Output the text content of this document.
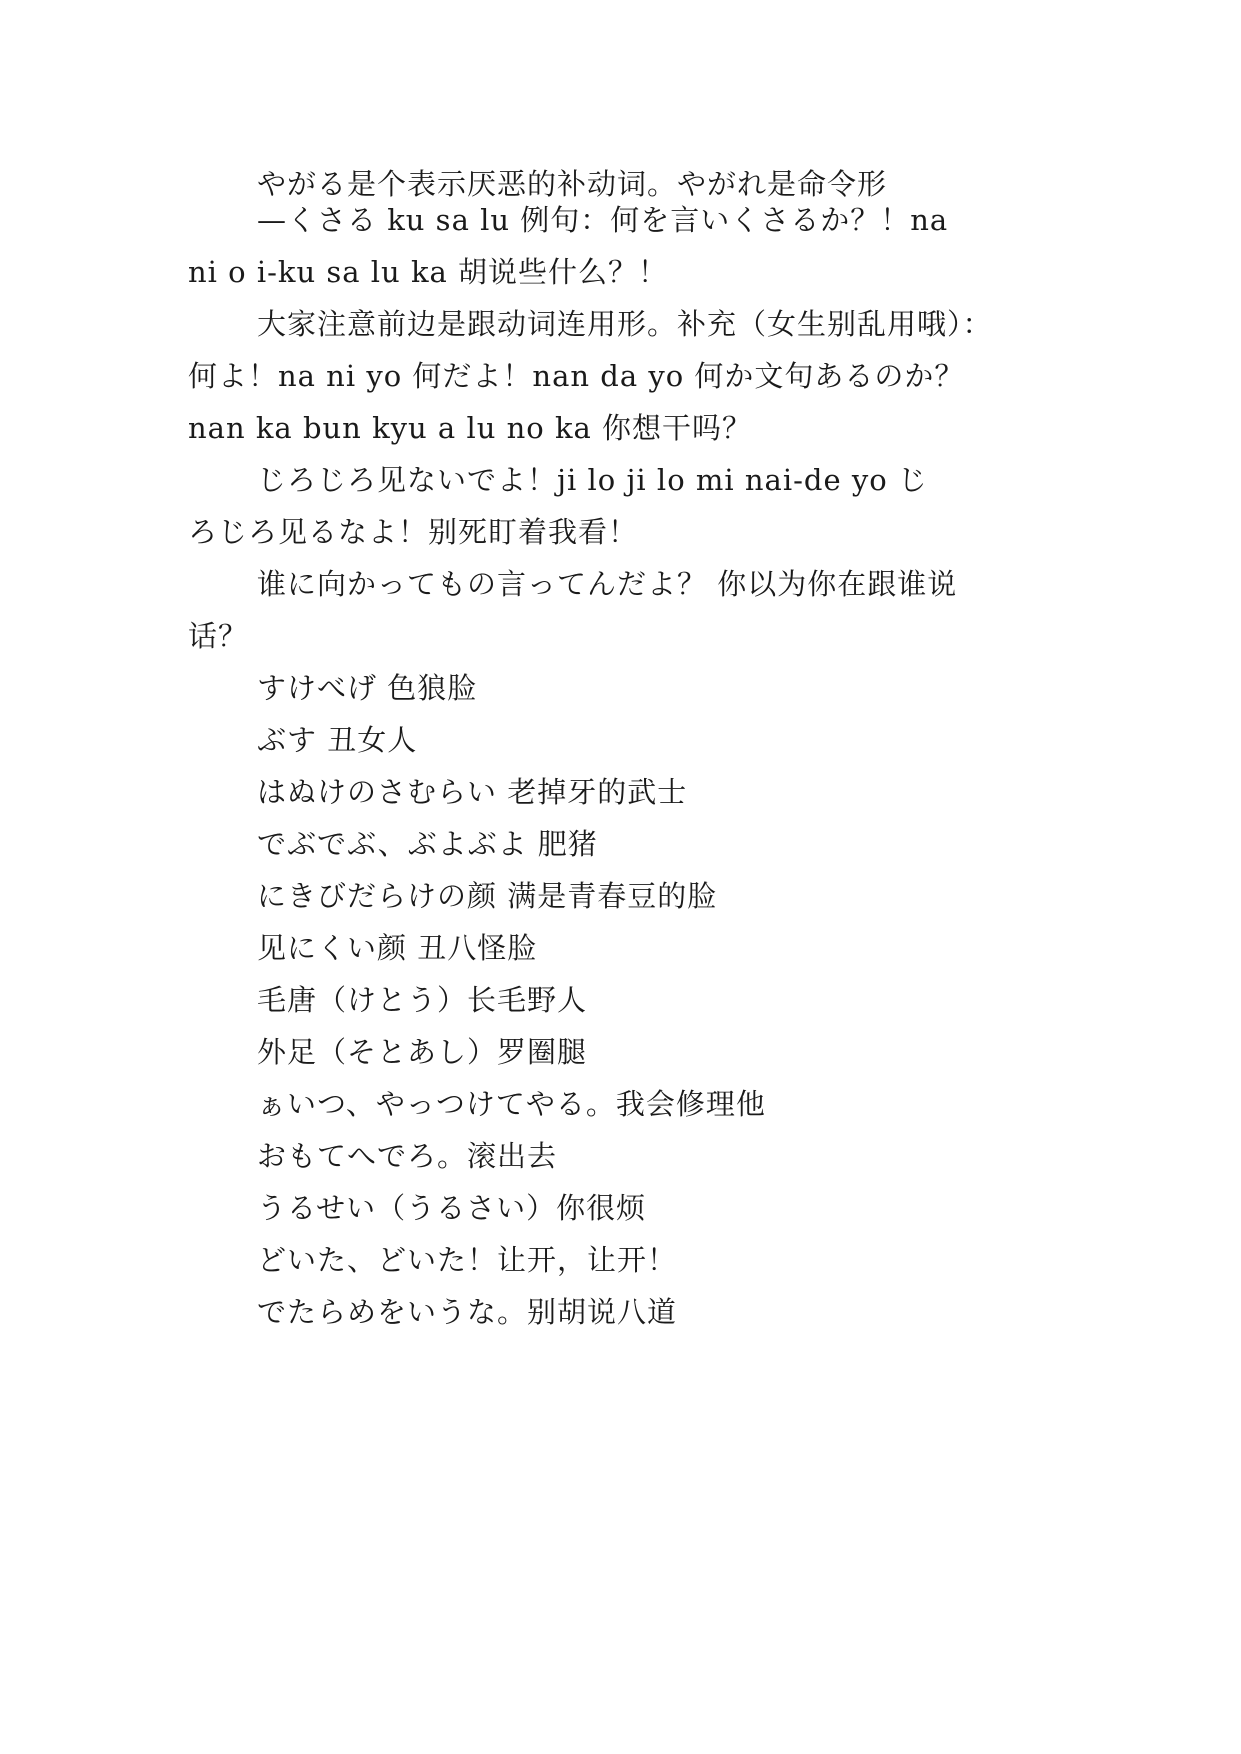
やがる是个表示厌恶的补动词。やがれ是命令形
—くさる ku sa lu 例句：何を言いくさるか？！na
ni o i-ku sa lu ka 胡说些什么？！
大家注意前边是跟动词连用形。补充（女生别乱用哦）：
何よ！na ni yo 何だよ！nan da yo 何か文句あるのか？
nan ka bun kyu a lu no ka 你想干吗？
じろじろ见ないでよ！ji lo ji lo mi nai-de yo じ
ろじろ见るなよ！别死盯着我看！
谁に向かってもの言ってんだよ？ 你以为你在跟谁说
话？
すけべげ 色狼脸
ぶす 丑女人
はぬけのさむらい 老掉牙的武士
でぶでぶ、ぶよぶよ 肥猪
にきびだらけの颜 满是青春豆的脸
见にくい颜 丑八怪脸
毛唐（けとう）长毛野人
外足（そとあし）罗圈腿
ぁいつ、やっつけてやる。我会修理他
おもてへでろ。滚出去
うるせい（うるさい）你很烦
どいた、どいた！让开，让开！
でたらめをいうな。别胡说八道
